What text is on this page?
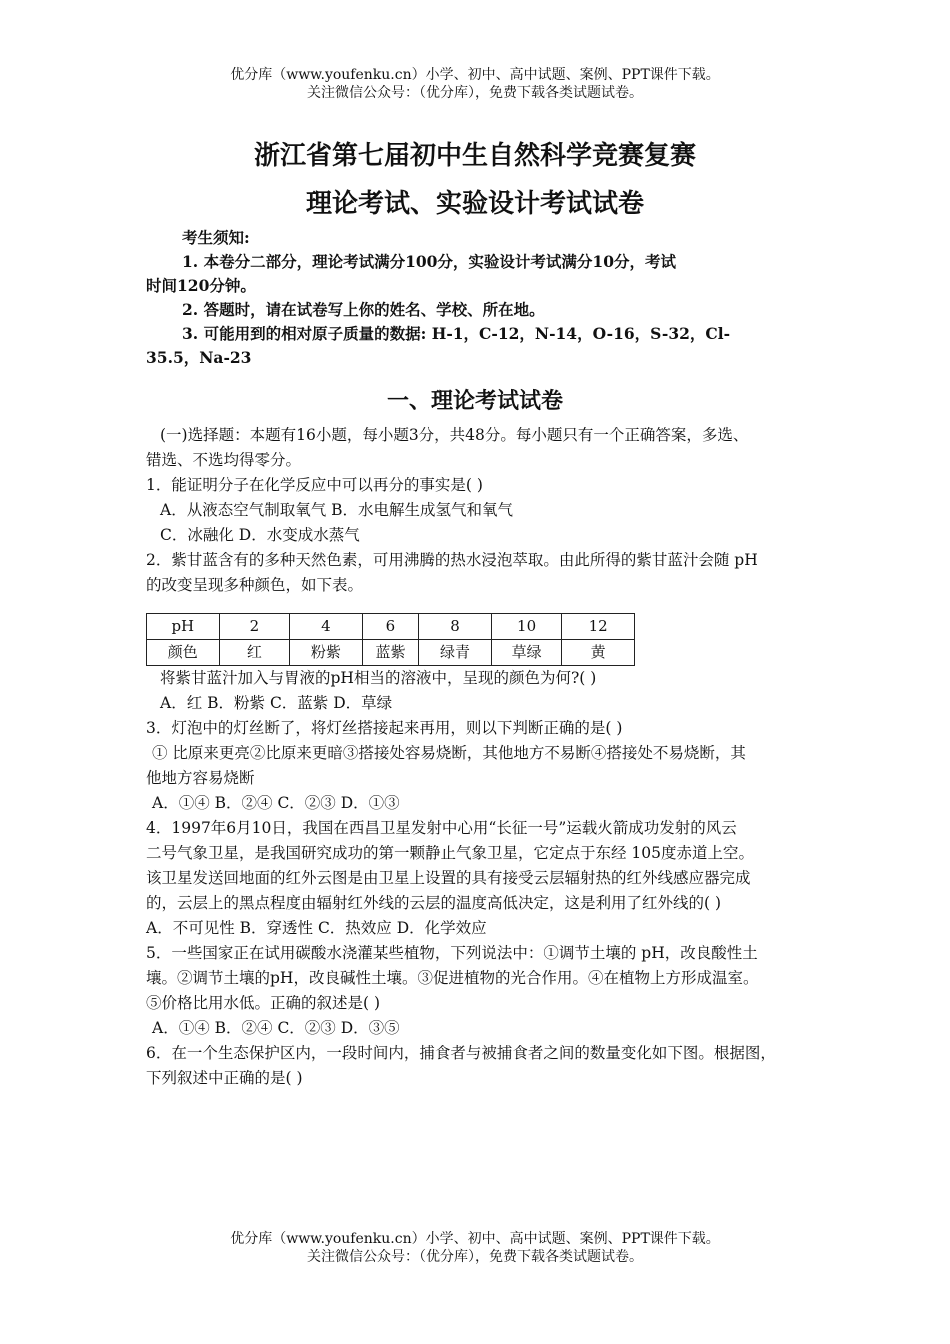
优分库（www.youfenku.cn）小学、初中、高中试题、案例、PPT课件下载。
关注微信公众号：（优分库），免费下载各类试题试卷。
浙江省第七届初中生自然科学竞赛复赛
理论考试、实验设计考试试卷

考生须知:

1. 本卷分二部分，理论考试满分100分，实验设计考试满分10分，考试

时间120分钟。

2. 答题时，请在试卷写上你的姓名、学校、所在地。

3. 可能用到的相对原子质量的数据: H-1，C-12，N-14，O-16，S-32，Cl-

35.5，Na-23

一、理论考试试卷

(一)选择题：本题有16小题，每小题3分，共48分。每小题只有一个正确答案，多选、

错选、不选均得零分。

1．能证明分子在化学反应中可以再分的事实是( )

A．从液态空气制取氧气 B．水电解生成氢气和氧气

C．冰融化 D．水变成水蒸气

2．紫甘蓝含有的多种天然色素，可用沸腾的热水浸泡萃取。由此所得的紫甘蓝汁会随 pH

的改变呈现多种颜色，如下表。

pH	2	4	6	8	10	12
颜色	红	粉紫	蓝紫	绿青	草绿	黄

将紫甘蓝汁加入与胃液的pH相当的溶液中，呈现的颜色为何?( )

A．红 B．粉紫 C．蓝紫 D．草绿

3．灯泡中的灯丝断了，将灯丝搭接起来再用，则以下判断正确的是( )

① 比原来更亮②比原来更暗③搭接处容易烧断，其他地方不易断④搭接处不易烧断，其

他地方容易烧断

A．①④ B．②④ C．②③ D．①③

4．1997年6月10日，我国在西昌卫星发射中心用“长征一号”运载火箭成功发射的风云

二号气象卫星，是我国研究成功的第一颗静止气象卫星，它定点于东经 105度赤道上空。

该卫星发送回地面的红外云图是由卫星上设置的具有接受云层辐射热的红外线感应器完成

的，云层上的黑点程度由辐射红外线的云层的温度高低决定，这是利用了红外线的( )

A．不可见性 B．穿透性 C．热效应 D．化学效应

5．一些国家正在试用碳酸水浇灌某些植物，下列说法中：①调节土壤的 pH，改良酸性土

壤。②调节土壤的pH，改良碱性土壤。③促进植物的光合作用。④在植物上方形成温室。

⑤价格比用水低。正确的叙述是( )

A．①④ B．②④ C．②③ D．③⑤

6．在一个生态保护区内，一段时间内，捕食者与被捕食者之间的数量变化如下图。根据图，

下列叙述中正确的是( )

优分库（www.youfenku.cn）小学、初中、高中试题、案例、PPT课件下载。
关注微信公众号：（优分库），免费下载各类试题试卷。
